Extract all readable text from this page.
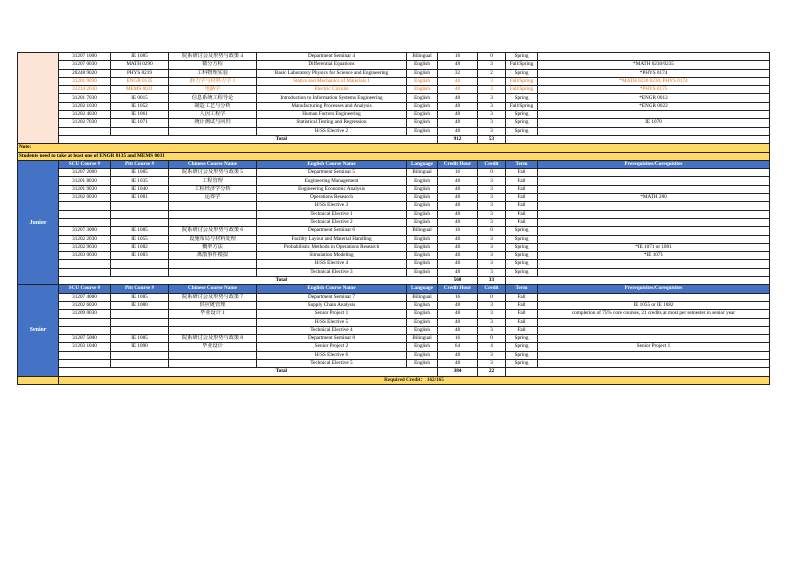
	31207 1000	IE 1085	院系研讨会及形势与政策 4	Department Seminar 4	Bilingual	16	0	Spring	
	31207 0030	MATH 0290	微分方程	Differential Equations	English	48	3	Fall/Spring	*MATH 0230/0235
	20248 9020	PHYS 0219	工科物理实验	Basic Laboratory Physics for Science and Engineering	English	32	2	Spring	*PHYS 0174
	31201 9030	ENGR 0135	静力学与材料力学 1	Statics and Mechanics of Materials 1	English	48	3	Fall/Spring	*MATH 0230 0230, PHYS 0174
	31214 2030	MEMS 0031	电路学	Electric Circuits	English	48	3	Fall/Spring	*PHYS 0175
	31201 7030	IE 0015	信息系统工程导论	Introduction to Information Systems Engineering	English	48	3	Spring	*ENGR 0012
	31202 1030	IE 1052	制造工艺与分析	Manufacturing Processes and Analysis	English	48	3	Fall/Spring	*ENGR 0022
	31202 4030	IE 1061	人因工程学	Human Factors Engineering	English	48	3	Spring	
	31202 7030	IE 1071	统计测试与回归	Statistical Testing and Regression	English	48	3	Spring	IE 1070
				H/SS Elective 2	English	48	3	Spring	
	Total					912	53		
Note:									
Students need to take at least one of ENGR 0135 and MEMS 0031									
Junior	SCU Course #	Pitt Course #	Chinese Course Name	English Course Name	Language	Credit Hour	Credit	Term	Prerequisites/Corequisites
	31207 2000	IE 1085	院系研讨会及形势与政策 5	Department Seminar 5	Bilingual	16	0	Fall	
	31201 8030	IE 1035	工程管理	Engineering Management	English	48	3	Fall	
	31201 9030	IE 1040	工程经济学分析	Engineering Economic Analysis	English	48	3	Fall	
	31202 0030	IE 1081	运筹学	Operations Research	English	48	3	Fall	*MATH 280
				H/SS Elective 3	English	48	3	Fall	
				Technical Elective 1	English	48	3	Fall	
				Technical Elective 2	English	48	3	Fall	
	31207 3000	IE 1085	院系研讨会及形势与政策 6	Department Seminar 6	Bilingual	16	0	Spring	
	31202 2030	IE 1055	设施布局与材料处理	Facility Layout and Material Handling	English	48	3	Spring	
	31202 9030	IE 1082	概率方法	Probabilistic Methods in Operations Research	English	48	3	Spring	*IE 1071 or 1081
	31203 0030	IE 1083	离散事件模拟	Simulation Modeling	English	48	3	Spring	*IE 1071
				H/SS Elective 4	English	48	3	Spring	
				Technical Elective 3	English	48	3	Spring	
	Total					560	33		
Senior	SCU Course #	Pitt Course #	Chinese Course Name	English Course Name	Language	Credit Hour	Credit	Term	Prerequisites/Corequisites
	31207 4000	IE 1085	院系研讨会及形势与政策 7	Department Seminar 7	Bilingual	16	0	Fall	
	31202 6030	IE 1080	供应链管理	Supply Chain Analysis	English	48	3	Fall	IE 1055 or IE 1082
	31209 0030		毕业设计 1	Senior Project 1	English	48	3	Fall	completion of 75% core courses, 21 credits at most per semester in senior year
				H/SS Elective 5	English	48	3	Fall	
				Technical Elective 4	English	48	3	Fall	
	31207 5000	IE 1085	院系研讨会及形势与政策 8	Department Seminar 8	Bilingual	16	0	Spring	
	31203 1040	IE 1090	毕业设计	Senior Project 2	English	64	4	Spring	Senior Project 1
				H/SS Elective 6	English	48	3	Spring	
				Technical Elective 5	English	48	3	Spring	
	Total					384	22		
	Required Credit： 162/165								
